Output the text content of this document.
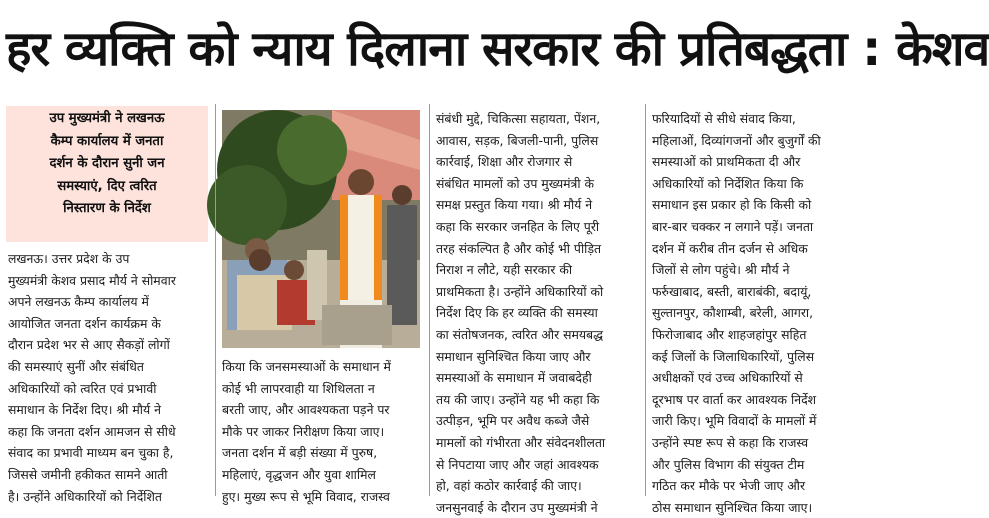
हर व्यक्ति को न्याय दिलाना सरकार की प्रतिबद्धता : केशव
उप मुख्यमंत्री ने लखनऊ
कैम्प कार्यालय में जनता
दर्शन के दौरान सुनी जन
समस्याएं, दिए त्वरित
निस्तारण के निर्देश
लखनऊ। उत्तर प्रदेश के उप
मुख्यमंत्री केशव प्रसाद मौर्य ने सोमवार
अपने लखनऊ कैम्प कार्यालय में
आयोजित जनता दर्शन कार्यक्रम के
दौरान प्रदेश भर से आए सैकड़ों लोगों
की समस्याएं सुनीं और संबंधित
अधिकारियों को त्वरित एवं प्रभावी
समाधान के निर्देश दिए। श्री मौर्य ने
कहा कि जनता दर्शन आमजन से सीधे
संवाद का प्रभावी माध्यम बन चुका है,
जिससे जमीनी हकीकत सामने आती
है। उन्होंने अधिकारियों को निर्देशित
किया कि जनसमस्याओं के समाधान में
कोई भी लापरवाही या शिथिलता न
बरती जाए, और आवश्यकता पड़ने पर
मौके पर जाकर निरीक्षण किया जाए।
जनता दर्शन में बड़ी संख्या में पुरुष,
महिलाएं, वृद्धजन और युवा शामिल
हुए। मुख्य रूप से भूमि विवाद, राजस्व
संबंधी मुद्दे, चिकित्सा सहायता, पेंशन,
आवास, सड़क, बिजली-पानी, पुलिस
कार्रवाई, शिक्षा और रोजगार से
संबंधित मामलों को उप मुख्यमंत्री के
समक्ष प्रस्तुत किया गया। श्री मौर्य ने
कहा कि सरकार जनहित के लिए पूरी
तरह संकल्पित है और कोई भी पीड़ित
निराश न लौटे, यही सरकार की
प्राथमिकता है। उन्होंने अधिकारियों को
निर्देश दिए कि हर व्यक्ति की समस्या
का संतोषजनक, त्वरित और समयबद्ध
समाधान सुनिश्चित किया जाए और
समस्याओं के समाधान में जवाबदेही
तय की जाए। उन्होंने यह भी कहा कि
उत्पीड़न, भूमि पर अवैध कब्जे जैसे
मामलों को गंभीरता और संवेदनशीलता
से निपटाया जाए और जहां आवश्यक
हो, वहां कठोर कार्रवाई की जाए।
जनसुनवाई के दौरान उप मुख्यमंत्री ने
फरियादियों से सीधे संवाद किया,
महिलाओं, दिव्यांगजनों और बुजुर्गों की
समस्याओं को प्राथमिकता दी और
अधिकारियों को निर्देशित किया कि
समाधान इस प्रकार हो कि किसी को
बार-बार चक्कर न लगाने पड़ें। जनता
दर्शन में करीब तीन दर्जन से अधिक
जिलों से लोग पहुंचे। श्री मौर्य ने
फर्रुखाबाद, बस्ती, बाराबंकी, बदायूं,
सुल्तानपुर, कौशाम्बी, बरेली, आगरा,
फिरोजाबाद और शाहजहांपुर सहित
कई जिलों के जिलाधिकारियों, पुलिस
अधीक्षकों एवं उच्च अधिकारियों से
दूरभाष पर वार्ता कर आवश्यक निर्देश
जारी किए। भूमि विवादों के मामलों में
उन्होंने स्पष्ट रूप से कहा कि राजस्व
और पुलिस विभाग की संयुक्त टीम
गठित कर मौके पर भेजी जाए और
ठोस समाधान सुनिश्चित किया जाए।
